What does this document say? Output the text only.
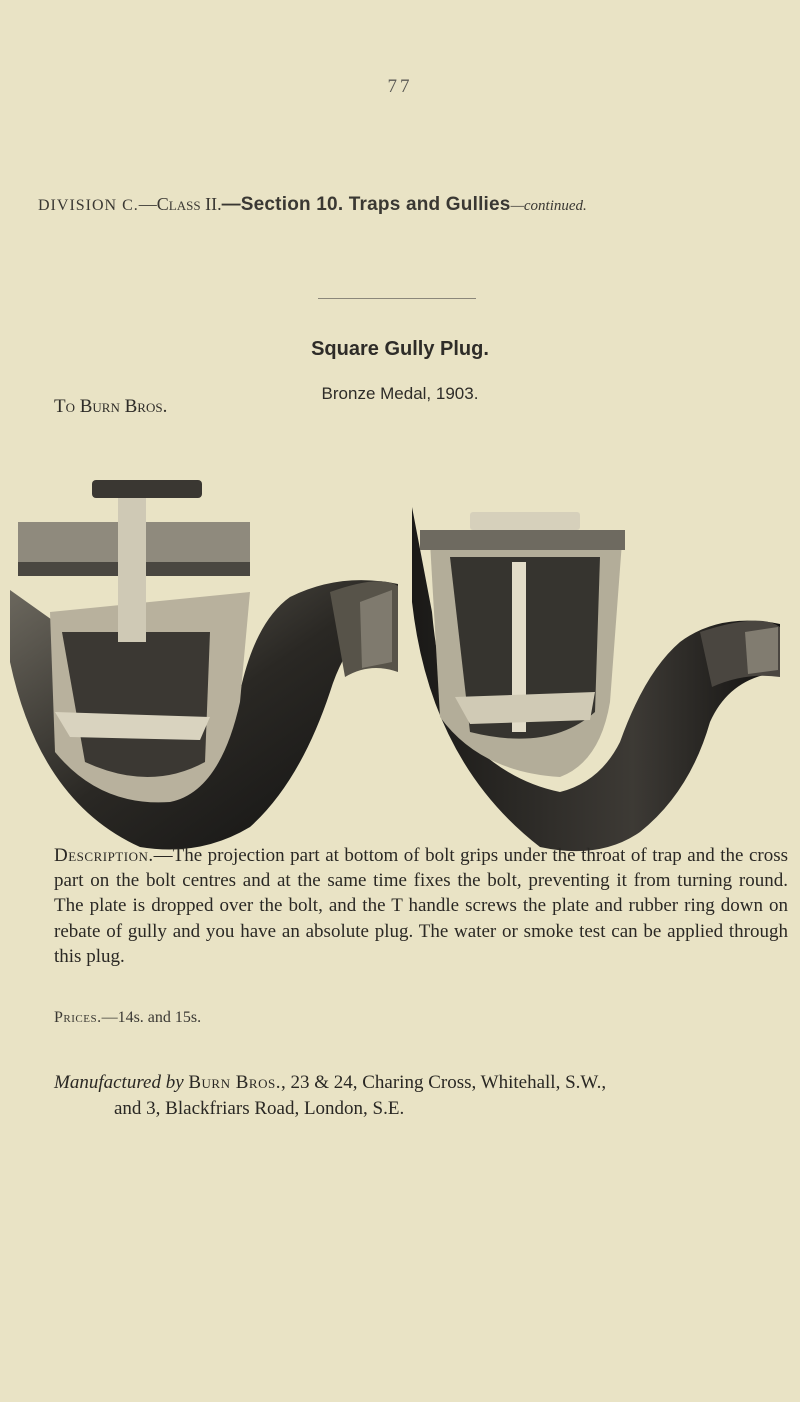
77
DIVISION C.—Class II.—Section 10. Traps and Gullies—continued.
Square Gully Plug.
Bronze Medal, 1903.
To Burn Bros.
Description.—The projection part at bottom of bolt grips under the throat of trap and the cross part on the bolt centres and at the same time fixes the bolt, preventing it from turning round. The plate is dropped over the bolt, and the T handle screws the plate and rubber ring down on rebate of gully and you have an absolute plug. The water or smoke test can be applied through this plug.
Prices.—14s. and 15s.
Manufactured by Burn Bros., 23 & 24, Charing Cross, Whitehall, S.W.,
and 3, Blackfriars Road, London, S.E.
